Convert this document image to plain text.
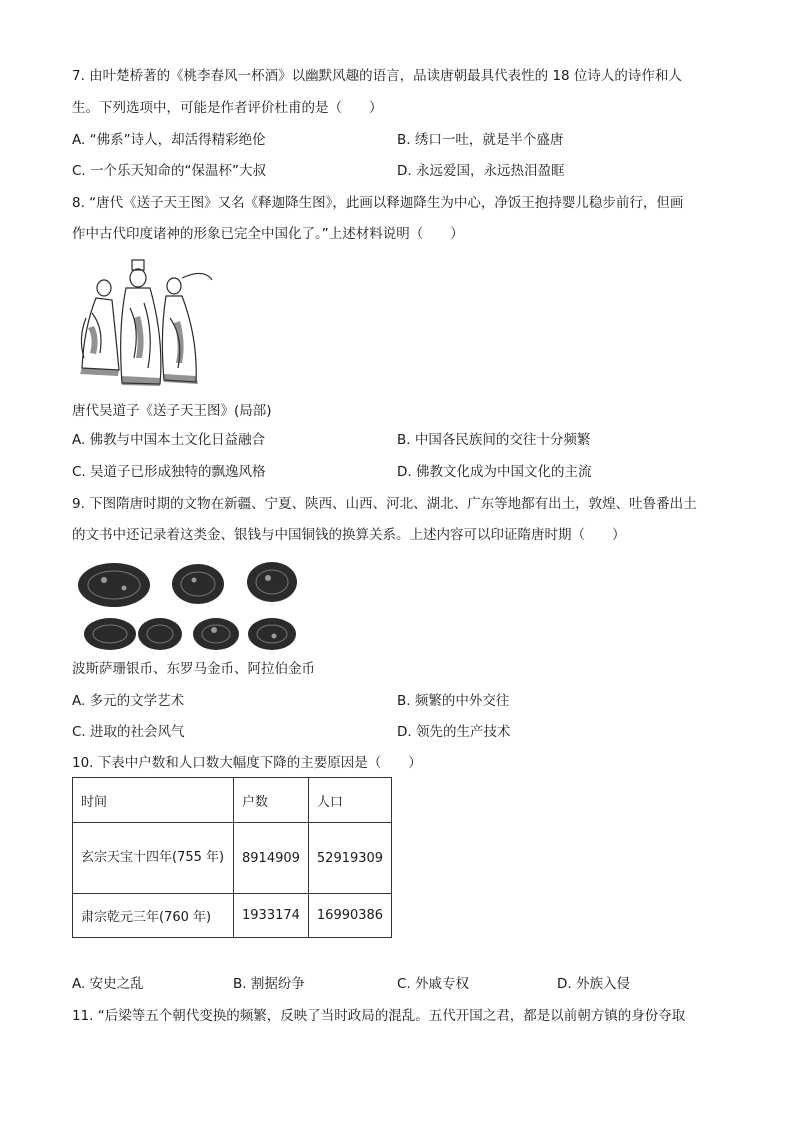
7. 由叶楚桥著的《桃李春风一杯酒》以幽默风趣的语言，品读唐朝最具代表性的 18 位诗人的诗作和人
生。下列选项中，可能是作者评价杜甫的是（　　）
A. “佛系”诗人，却活得精彩绝伦	B. 绣口一吐，就是半个盛唐
C. 一个乐天知命的“保温杯”大叔	D. 永远爱国，永远热泪盈眶
8. “唐代《送子天王图》又名《释迦降生图》，此画以释迦降生为中心，净饭王抱持婴儿稳步前行，但画
作中古代印度诸神的形象已完全中国化了。”上述材料说明（　　）
唐代吴道子《送子天王图》(局部)
A. 佛教与中国本土文化日益融合	B. 中国各民族间的交往十分频繁
C. 吴道子已形成独特的飘逸风格	D. 佛教文化成为中国文化的主流
9. 下图隋唐时期的文物在新疆、宁夏、陕西、山西、河北、湖北、广东等地都有出土，敦煌、吐鲁番出土
的文书中还记录着这类金、银钱与中国铜钱的换算关系。上述内容可以印证隋唐时期（　　）
波斯萨珊银币、东罗马金币、阿拉伯金币
A. 多元的文学艺术	B. 频繁的中外交往
C. 进取的社会风气	D. 领先的生产技术
10. 下表中户数和人口数大幅度下降的主要原因是（　　）
时间	户数	人口
玄宗天宝十四年(755 年)	8914909	52919309
肃宗乾元三年(760 年)	1933174	16990386
A. 安史之乱	B. 割据纷争	C. 外戚专权	D. 外族入侵
11. “后梁等五个朝代变换的频繁，反映了当时政局的混乱。五代开国之君，都是以前朝方镇的身份夺取
